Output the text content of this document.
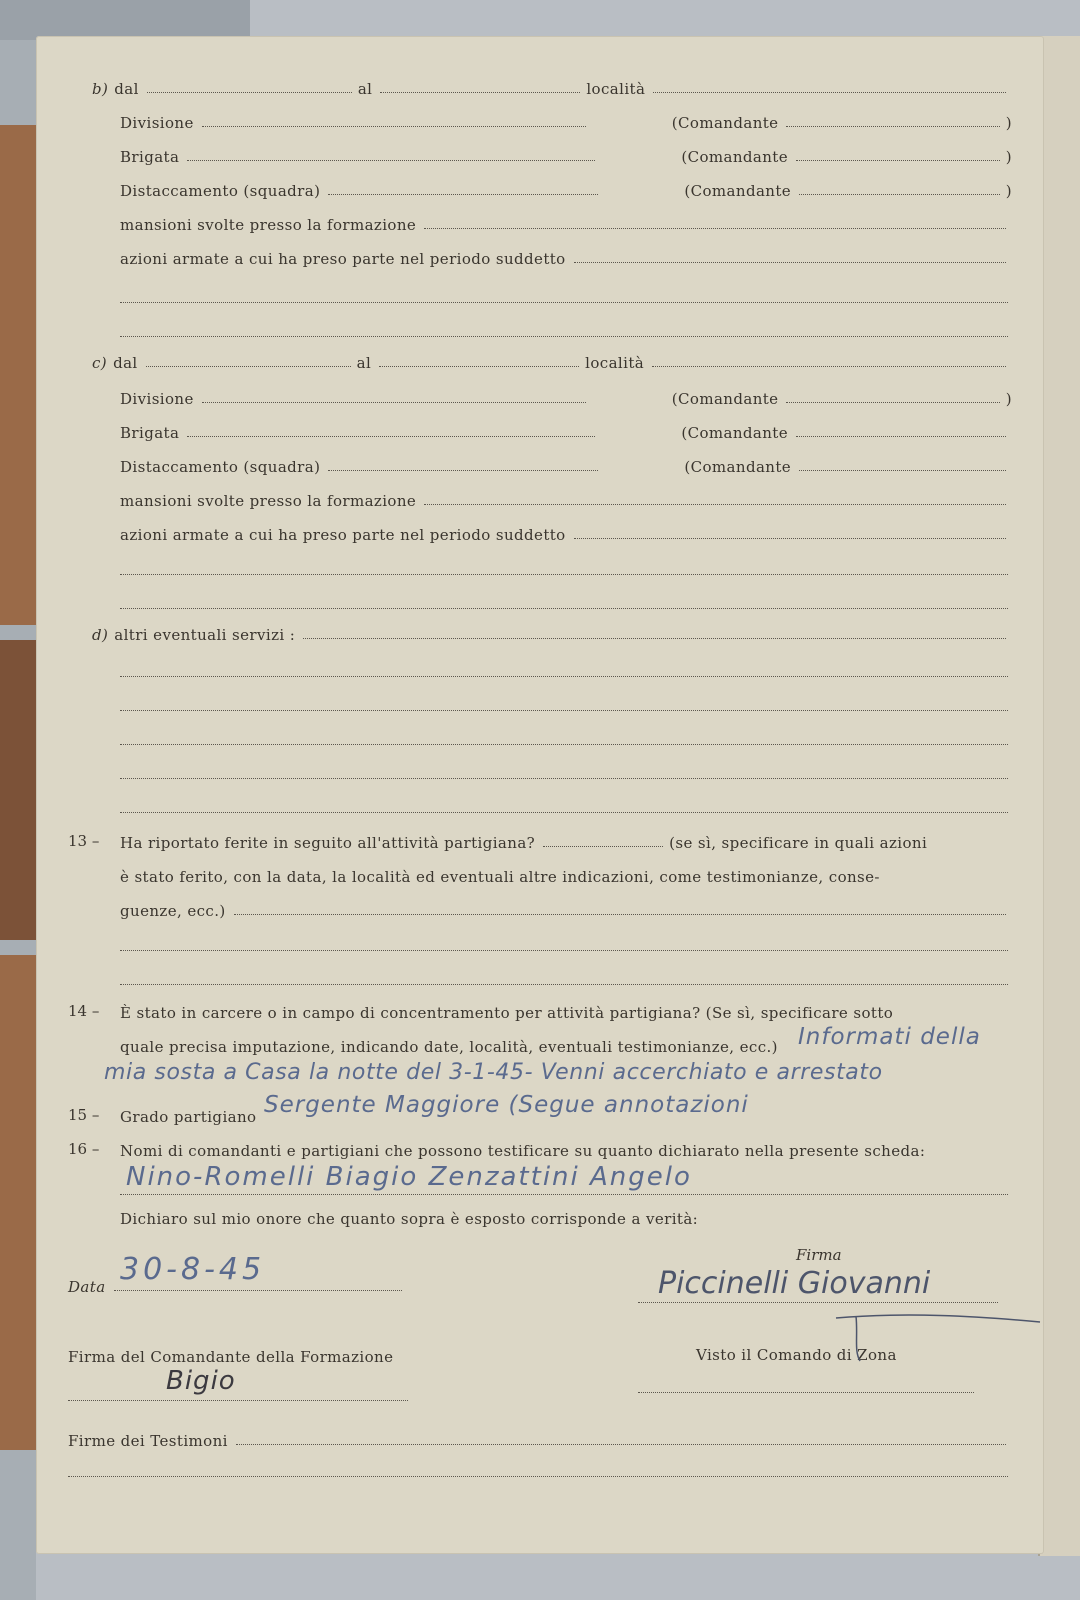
b) dal	al	località
Divisione	(Comandante	)
Brigata	(Comandante	)
Distaccamento (squadra)	(Comandante	)
mansioni svolte presso la formazione
azioni armate a cui ha preso parte nel periodo suddetto
c) dal	al	località
Divisione	(Comandante	)
Brigata	(Comandante
Distaccamento (squadra)	(Comandante
mansioni svolte presso la formazione
azioni armate a cui ha preso parte nel periodo suddetto
d) altri eventuali servizi :
13 – Ha riportato ferite in seguito all'attività partigiana?	(se sì, specificare in quali azioni
è stato ferito, con la data, la località ed eventuali altre indicazioni, come testimonianze, conse-
guenze, ecc.)
14 – È stato in carcere o in campo di concentramento per attività partigiana? (Se sì, specificare sotto
quale precisa imputazione, indicando date, località, eventuali testimonianze, ecc.) Informati della
mia sosta a Casa la notte del 3-1-45- Venni accerchiato e arrestato
15 – Grado partigiano Sergente Maggiore (Segue annotazioni
16 – Nomi di comandanti e partigiani che possono testificare su quanto dichiarato nella presente scheda:
Nino-Romelli Biagio Zenzattini Angelo
Dichiaro sul mio onore che quanto sopra è esposto corrisponde a verità:
Firma
Piccinelli Giovanni
Data 30-8-45
Firma del Comandante della Formazione	Visto il Comando di Zona
Bigio
Firme dei Testimoni
